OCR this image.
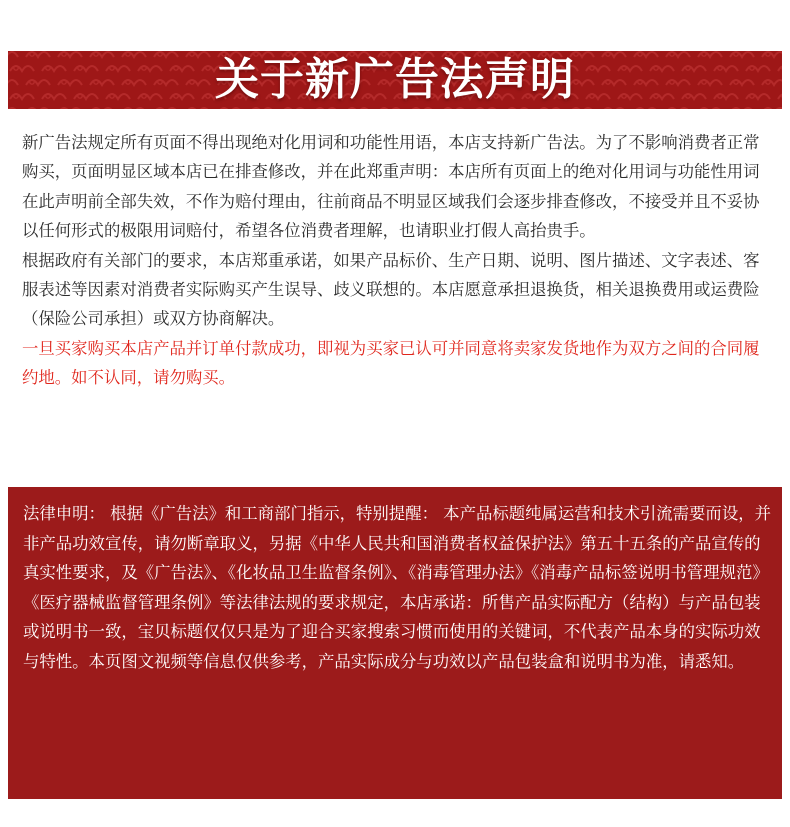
关于新广告法声明

新广告法规定所有页面不得出现绝对化用词和功能性用语，本店支持新广告法。为了不影响消费者正常购买，页面明显区域本店已在排查修改，并在此郑重声明：本店所有页面上的绝对化用词与功能性用词在此声明前全部失效，不作为赔付理由，往前商品不明显区域我们会逐步排查修改，不接受并且不妥协以任何形式的极限用词赔付，希望各位消费者理解，也请职业打假人高抬贵手。

根据政府有关部门的要求，本店郑重承诺，如果产品标价、生产日期、说明、图片描述、文字表述、客服表述等因素对消费者实际购买产生误导、歧义联想的。本店愿意承担退换货，相关退换费用或运费险（保险公司承担）或双方协商解决。

一旦买家购买本店产品并订单付款成功，即视为买家已认可并同意将卖家发货地作为双方之间的合同履约地。如不认同，请勿购买。

法律申明： 根据《广告法》和工商部门指示，特别提醒： 本产品标题纯属运营和技术引流需要而设，并非产品功效宣传，请勿断章取义，另据《中华人民共和国消费者权益保护法》第五十五条的产品宣传的真实性要求，及《广告法》、《化妆品卫生监督条例》、《消毒管理办法》《消毒产品标签说明书管理规范》《医疗器械监督管理条例》等法律法规的要求规定，本店承诺：所售产品实际配方（结构）与产品包装或说明书一致，宝贝标题仅仅只是为了迎合买家搜索习惯而使用的关键词，不代表产品本身的实际功效与特性。本页图文视频等信息仅供参考，产品实际成分与功效以产品包装盒和说明书为准，请悉知。
